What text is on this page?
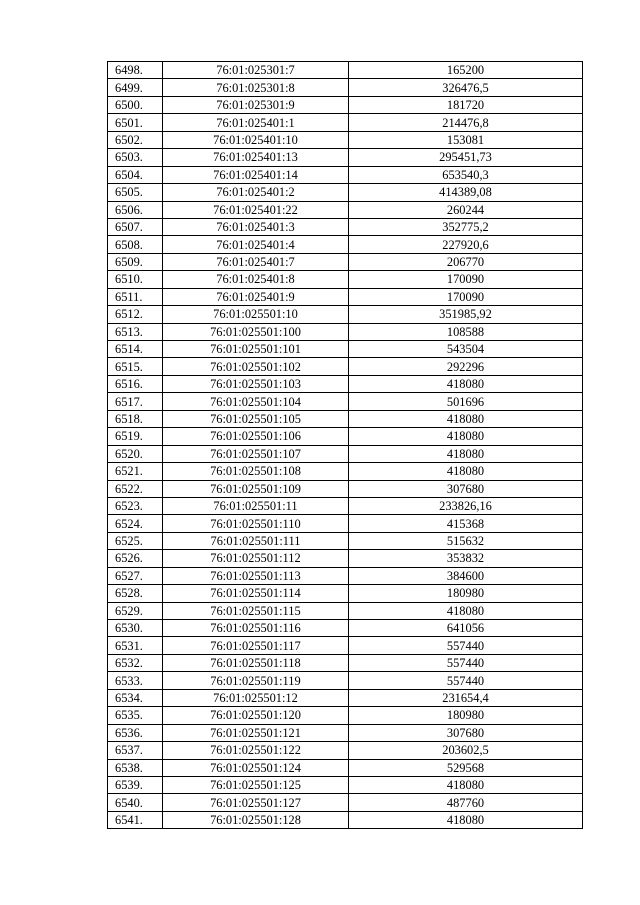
6498.	76:01:025301:7	165200
6499.	76:01:025301:8	326476,5
6500.	76:01:025301:9	181720
6501.	76:01:025401:1	214476,8
6502.	76:01:025401:10	153081
6503.	76:01:025401:13	295451,73
6504.	76:01:025401:14	653540,3
6505.	76:01:025401:2	414389,08
6506.	76:01:025401:22	260244
6507.	76:01:025401:3	352775,2
6508.	76:01:025401:4	227920,6
6509.	76:01:025401:7	206770
6510.	76:01:025401:8	170090
6511.	76:01:025401:9	170090
6512.	76:01:025501:10	351985,92
6513.	76:01:025501:100	108588
6514.	76:01:025501:101	543504
6515.	76:01:025501:102	292296
6516.	76:01:025501:103	418080
6517.	76:01:025501:104	501696
6518.	76:01:025501:105	418080
6519.	76:01:025501:106	418080
6520.	76:01:025501:107	418080
6521.	76:01:025501:108	418080
6522.	76:01:025501:109	307680
6523.	76:01:025501:11	233826,16
6524.	76:01:025501:110	415368
6525.	76:01:025501:111	515632
6526.	76:01:025501:112	353832
6527.	76:01:025501:113	384600
6528.	76:01:025501:114	180980
6529.	76:01:025501:115	418080
6530.	76:01:025501:116	641056
6531.	76:01:025501:117	557440
6532.	76:01:025501:118	557440
6533.	76:01:025501:119	557440
6534.	76:01:025501:12	231654,4
6535.	76:01:025501:120	180980
6536.	76:01:025501:121	307680
6537.	76:01:025501:122	203602,5
6538.	76:01:025501:124	529568
6539.	76:01:025501:125	418080
6540.	76:01:025501:127	487760
6541.	76:01:025501:128	418080
